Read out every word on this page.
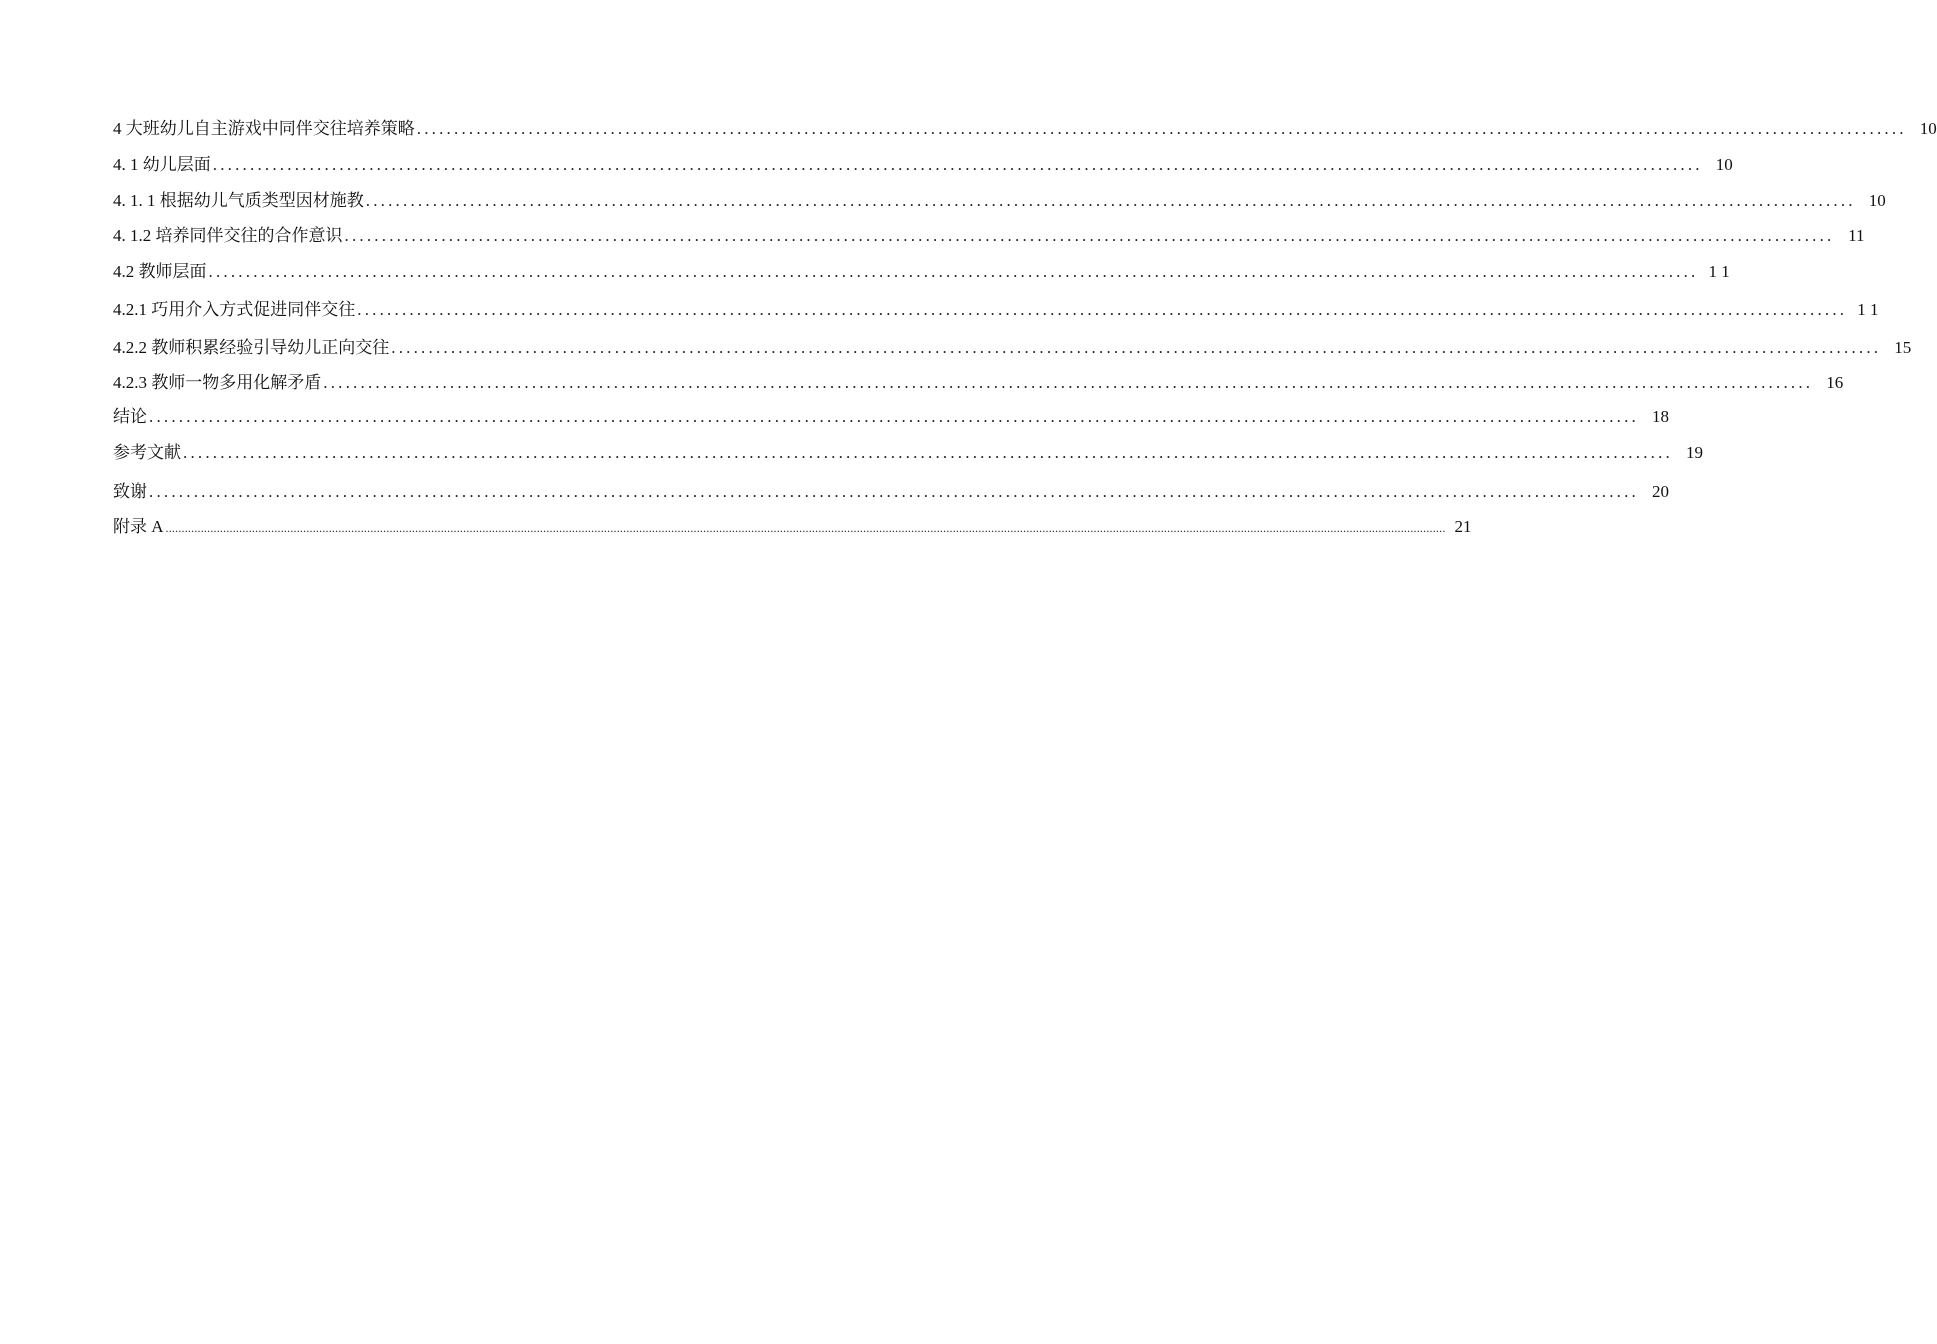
4 大班幼儿自主游戏中同伴交往培养策略 ........................................................................................................................................................................................................ 10
4. 1 幼儿层面 ........................................................................................................................................................................................................ 10
4. 1. 1 根据幼儿气质类型因材施教 ........................................................................................................................................................................................................ 10
4. 1.2 培养同伴交往的合作意识 ........................................................................................................................................................................................................ 11
4.2 教师层面 ........................................................................................................................................................................................................ 1 1
4.2.1 巧用介入方式促进同伴交往 ........................................................................................................................................................................................................ 1 1
4.2.2 教师积累经验引导幼儿正向交往 ........................................................................................................................................................................................................ 15
4.2.3 教师一物多用化解矛盾 ........................................................................................................................................................................................................ 16
结论 ........................................................................................................................................................................................................ 18
参考文献 ........................................................................................................................................................................................................ 19
致谢 ........................................................................................................................................................................................................ 20
附录 A ................................................................................................................................................................................................................................................................................................................................................................................................................ 21
